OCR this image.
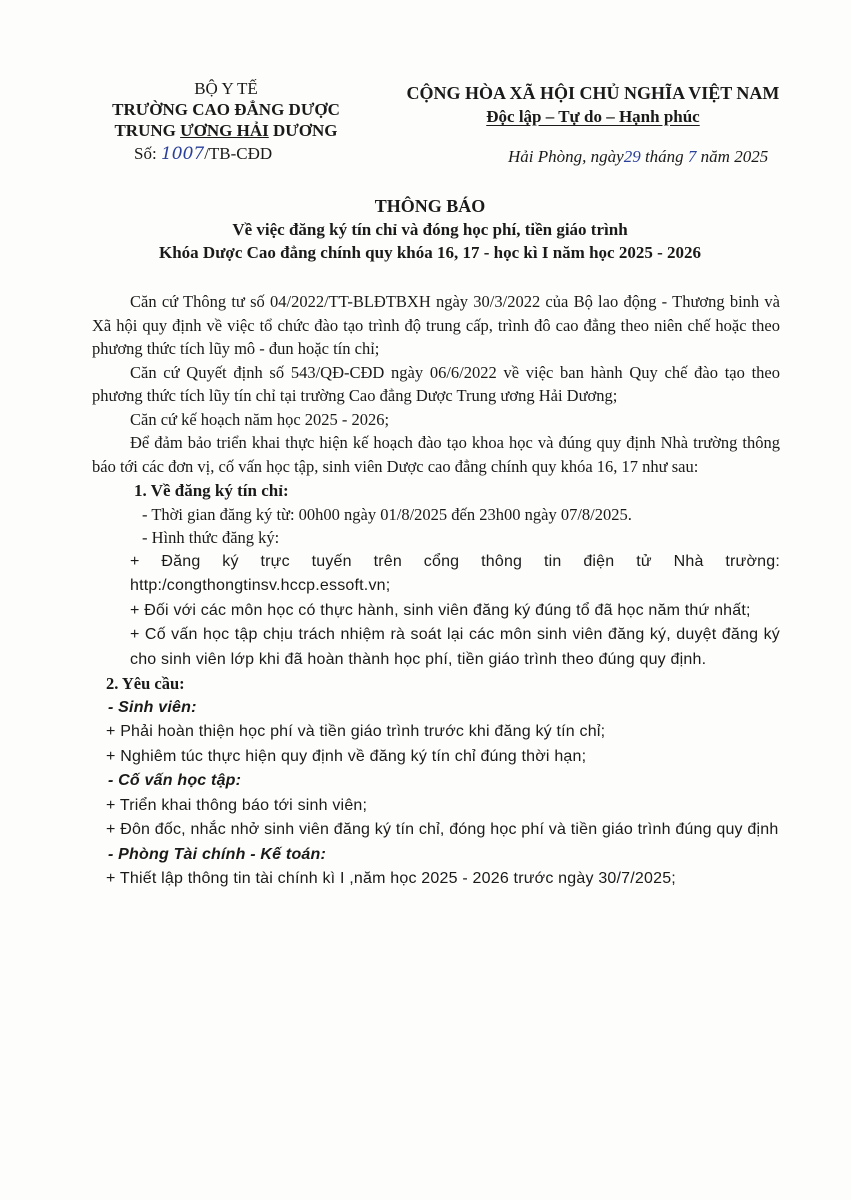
BỘ Y TẾ
TRƯỜNG CAO ĐẲNG DƯỢC
TRUNG ƯƠNG HẢI DƯƠNG
Số: 1007/TB-CĐD
CỘNG HÒA XÃ HỘI CHỦ NGHĨA VIỆT NAM
Độc lập – Tự do – Hạnh phúc
Hải Phòng, ngày29 tháng 7 năm 2025
THÔNG BÁO
Về việc đăng ký tín chỉ và đóng học phí, tiền giáo trình
Khóa Dược Cao đẳng chính quy khóa 16, 17 - học kì I năm học 2025 - 2026

Căn cứ Thông tư số 04/2022/TT-BLĐTBXH ngày 30/3/2022 của Bộ lao động - Thương binh và Xã hội quy định về việc tổ chức đào tạo trình độ trung cấp, trình đô cao đẳng theo niên chế hoặc theo phương thức tích lũy mô - đun hoặc tín chỉ;

Căn cứ Quyết định số 543/QĐ-CĐD ngày 06/6/2022 về việc ban hành Quy chế đào tạo theo phương thức tích lũy tín chỉ tại trường Cao đẳng Dược Trung ương Hải Dương;

Căn cứ kế hoạch năm học 2025 - 2026;

Để đảm bảo triển khai thực hiện kế hoạch đào tạo khoa học và đúng quy định Nhà trường thông báo tới các đơn vị, cố vấn học tập, sinh viên Dược cao đẳng chính quy khóa 16, 17 như sau:

1. Về đăng ký tín chỉ:

- Thời gian đăng ký từ: 00h00 ngày 01/8/2025 đến 23h00 ngày 07/8/2025.

- Hình thức đăng ký:

+ Đăng ký trực tuyến trên cổng thông tin điện tử Nhà trường: http:/congthongtinsv.hccp.essoft.vn;

+ Đối với các môn học có thực hành, sinh viên đăng ký đúng tổ đã học năm thứ nhất;

+ Cố vấn học tập chịu trách nhiệm rà soát lại các môn sinh viên đăng ký, duyệt đăng ký cho sinh viên lớp khi đã hoàn thành học phí, tiền giáo trình theo đúng quy định.

2. Yêu cầu:

- Sinh viên:

+ Phải hoàn thiện học phí và tiền giáo trình trước khi đăng ký tín chỉ;

+ Nghiêm túc thực hiện quy định về đăng ký tín chỉ đúng thời hạn;

- Cố vấn học tập:

+ Triển khai thông báo tới sinh viên;

+ Đôn đốc, nhắc nhở sinh viên đăng ký tín chỉ, đóng học phí và tiền giáo trình đúng quy định

- Phòng Tài chính - Kế toán:

+ Thiết lập thông tin tài chính kì I ,năm học 2025 - 2026 trước ngày 30/7/2025;
